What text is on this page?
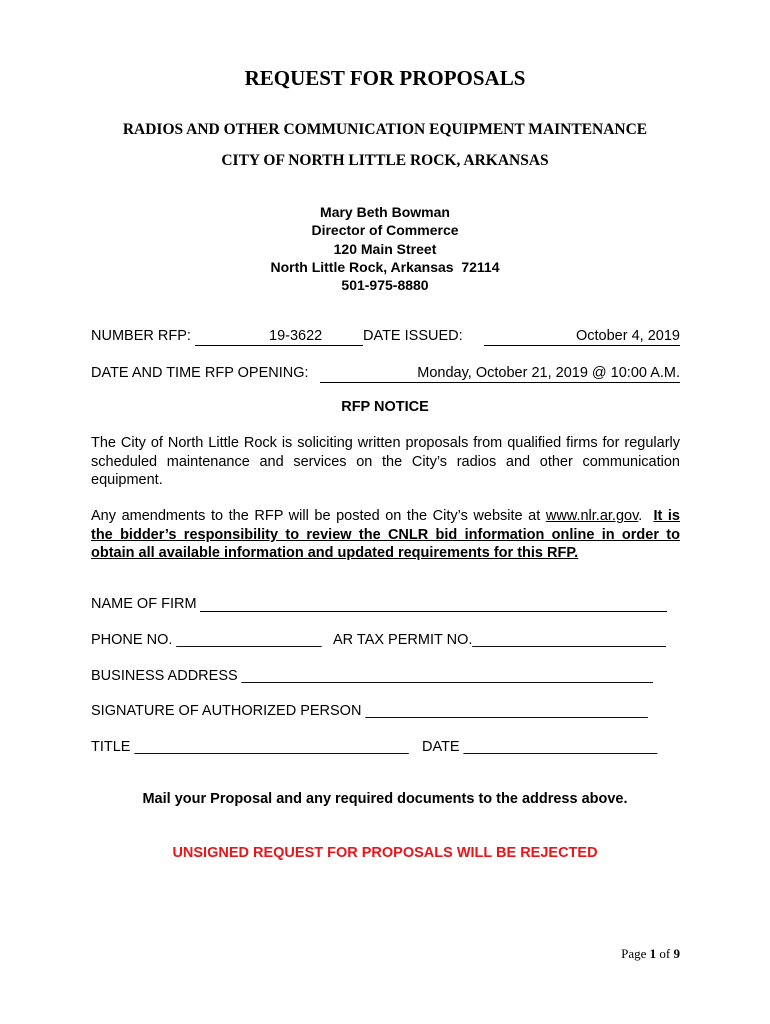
REQUEST FOR PROPOSALS
RADIOS AND OTHER COMMUNICATION EQUIPMENT MAINTENANCE
CITY OF NORTH LITTLE ROCK, ARKANSAS
Mary Beth Bowman
Director of Commerce
120 Main Street
North Little Rock, Arkansas  72114
501-975-8880
NUMBER RFP:	19-3622	DATE ISSUED:	October 4, 2019
DATE AND TIME RFP OPENING:	Monday, October 21, 2019 @ 10:00 A.M.
RFP NOTICE
The City of North Little Rock is soliciting written proposals from qualified firms for regularly scheduled maintenance and services on the City’s radios and other communication equipment.
Any amendments to the RFP will be posted on the City’s website at www.nlr.ar.gov.  It is the bidder’s responsibility to review the CNLR bid information online in order to obtain all available information and updated requirements for this RFP.
NAME OF FIRM
PHONE NO. __________________ AR TAX PERMIT NO.________________________
BUSINESS ADDRESS ___________________________________________________
SIGNATURE OF AUTHORIZED PERSON ___________________________________
TITLE __________________________________ DATE ________________________
Mail your Proposal and any required documents to the address above.
UNSIGNED REQUEST FOR PROPOSALS WILL BE REJECTED
Page 1 of 9
